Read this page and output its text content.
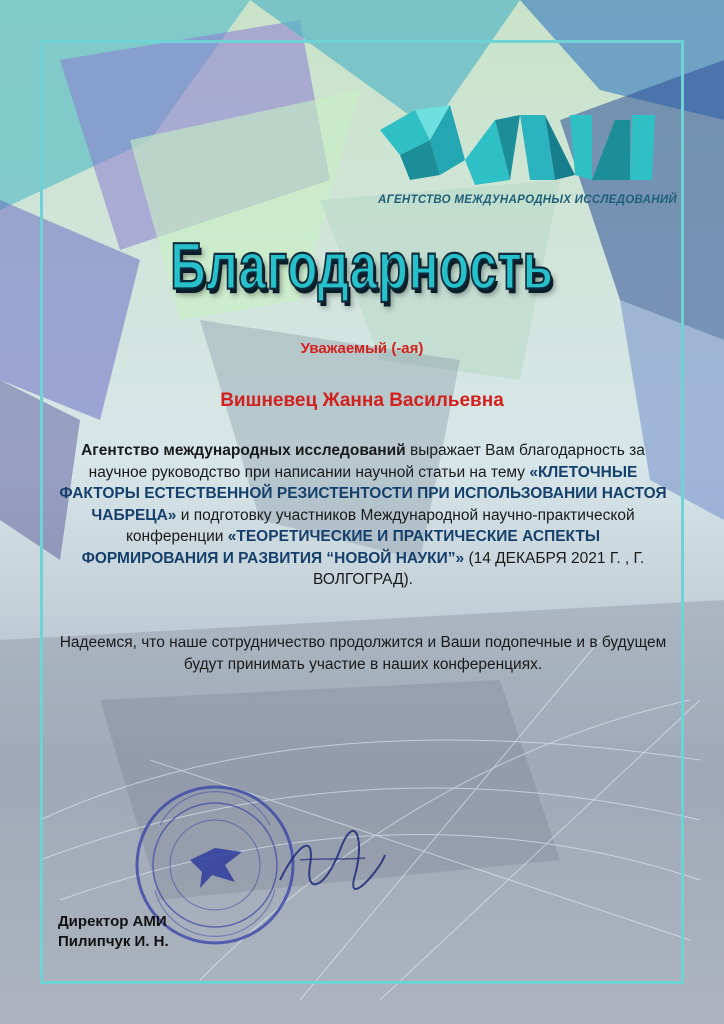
АГЕНТСТВО МЕЖДУНАРОДНЫХ ИССЛЕДОВАНИЙ
Благодарность
Уважаемый (-ая)
Вишневец Жанна Васильевна
Агентство международных исследований выражает Вам благодарность за научное руководство при написании научной статьи на тему «КЛЕТОЧНЫЕ ФАКТОРЫ ЕСТЕСТВЕННОЙ РЕЗИСТЕНТОСТИ ПРИ ИСПОЛЬЗОВАНИИ НАСТОЯ ЧАБРЕЦА» и подготовку участников Международной научно-практической конференции «ТЕОРЕТИЧЕСКИЕ И ПРАКТИЧЕСКИЕ АСПЕКТЫ ФОРМИРОВАНИЯ И РАЗВИТИЯ “НОВОЙ НАУКИ”» (14 ДЕКАБРЯ 2021 Г. , Г. ВОЛГОГРАД).
Надеемся, что наше сотрудничество продолжится и Ваши подопечные и в будущем будут принимать участие в наших конференциях.
Директор АМИ
Пилипчук И. Н.
